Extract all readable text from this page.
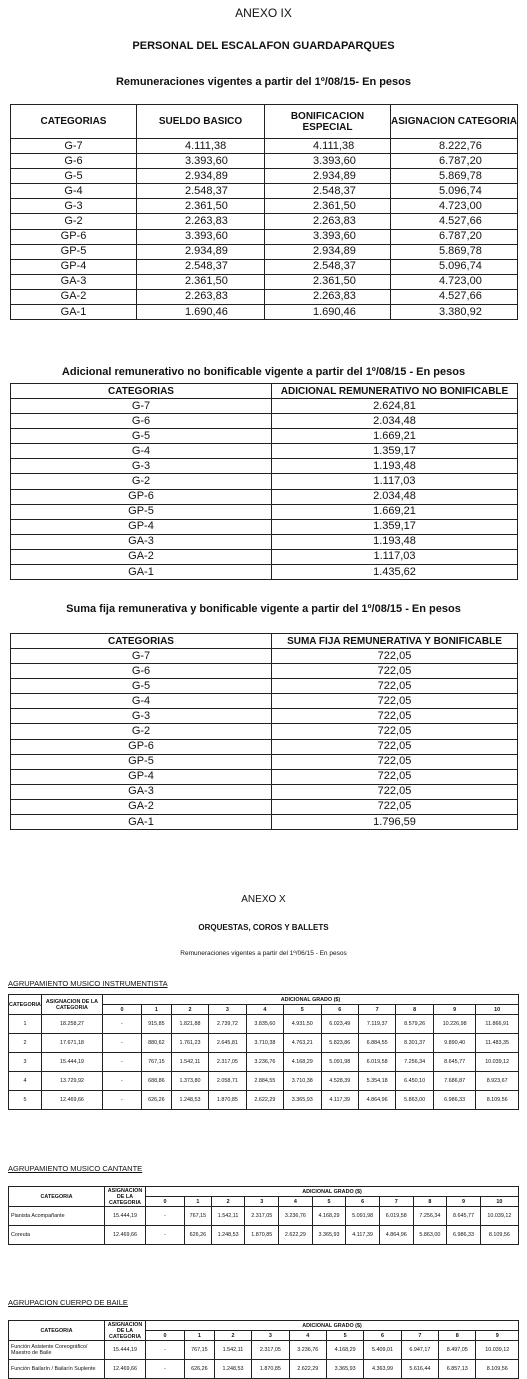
ANEXO IX
PERSONAL DEL ESCALAFON GUARDAPARQUES
Remuneraciones vigentes a partir del 1º/08/15- En pesos
CATEGORIAS	SUELDO BASICO	BONIFICACION ESPECIAL	ASIGNACION CATEGORIA
G-7	4.111,38	4.111,38	8.222,76
G-6	3.393,60	3.393,60	6.787,20
G-5	2.934,89	2.934,89	5.869,78
G-4	2.548,37	2.548,37	5.096,74
G-3	2.361,50	2.361,50	4.723,00
G-2	2.263,83	2.263,83	4.527,66
GP-6	3.393,60	3.393,60	6.787,20
GP-5	2.934,89	2.934,89	5.869,78
GP-4	2.548,37	2.548,37	5.096,74
GA-3	2.361,50	2.361,50	4.723,00
GA-2	2.263,83	2.263,83	4.527,66
GA-1	1.690,46	1.690,46	3.380,92
Adicional remunerativo no bonificable vigente a partir del 1º/08/15 - En pesos
CATEGORIAS	ADICIONAL REMUNERATIVO NO BONIFICABLE
G-7	2.624,81
G-6	2.034,48
G-5	1.669,21
G-4	1.359,17
G-3	1.193,48
G-2	1.117,03
GP-6	2.034,48
GP-5	1.669,21
GP-4	1.359,17
GA-3	1.193,48
GA-2	1.117,03
GA-1	1.435,62
Suma fija remunerativa y bonificable vigente a partir del 1º/08/15 - En pesos
CATEGORIAS	SUMA FIJA REMUNERATIVA Y BONIFICABLE
G-7	722,05
G-6	722,05
G-5	722,05
G-4	722,05
G-3	722,05
G-2	722,05
GP-6	722,05
GP-5	722,05
GP-4	722,05
GA-3	722,05
GA-2	722,05
GA-1	1.796,59
ANEXO X
ORQUESTAS, COROS Y BALLETS
Remuneraciones vigentes a partir del 1º/06/15 - En pesos
AGRUPAMIENTO MUSICO INSTRUMENTISTA
CATEGORIA	ASIGNACION DE LA CATEGORIA	ADICIONAL GRADO ($)										
		0	1	2	3	4	5	6	7	8	9	10
1	18.258,27	-	915,85	1.821,88	2.739,72	3.835,60	4.931,50	6.023,49	7.119,37	8.579,26	10.226,98	11.866,91
2	17.671,18	-	880,62	1.761,23	2.645,81	3.710,38	4.763,21	5.823,86	6.884,55	8.301,37	9.890,40	11.483,35
3	15.444,19	-	767,15	1.542,11	2.317,05	3.236,76	4.168,29	5.091,98	6.019,58	7.256,34	8.645,77	10.039,12
4	13.729,92	-	688,86	1.373,80	2.058,71	2.884,55	3.710,38	4.528,39	5.354,18	6.450,10	7.686,87	8.923,67
5	12.469,66	-	626,26	1.248,53	1.870,85	2.622,29	3.365,93	4.117,39	4.864,96	5.863,00	6.986,33	8.109,56
AGRUPAMIENTO MUSICO CANTANTE
CATEGORIA	ASIGNACION DE LA CATEGORIA	ADICIONAL GRADO ($)										
		0	1	2	3	4	5	6	7	8	9	10
Pianista Acompañante	15.444,19	-	767,15	1.542,11	2.317,05	3.236,76	4.168,29	5.091,98	6.019,58	7.256,34	8.645,77	10.039,12
Coreuta	12.469,66	-	626,26	1.248,53	1.870,85	2.622,29	3.365,93	4.117,39	4.864,96	5.863,00	6.986,33	8.109,56
AGRUPACION CUERPO DE BAILE
CATEGORIA	ASIGNACION DE LA CATEGORIA	ADICIONAL GRADO ($)									
		0	1	2	3	4	5	6	7	8	9
Función Asistente Coreográfico/ Maestro de Baile	15.444,19	-	767,15	1.542,11	2.317,05	3.236,76	4.168,29	5.409,01	6.947,17	8.497,05	10.039,12
Función Bailarín / Bailarín Suplente	12.469,66	-	626,26	1.248,53	1.870,85	2.622,29	3.365,93	4.363,99	5.616,44	6.857,13	8.109,56
